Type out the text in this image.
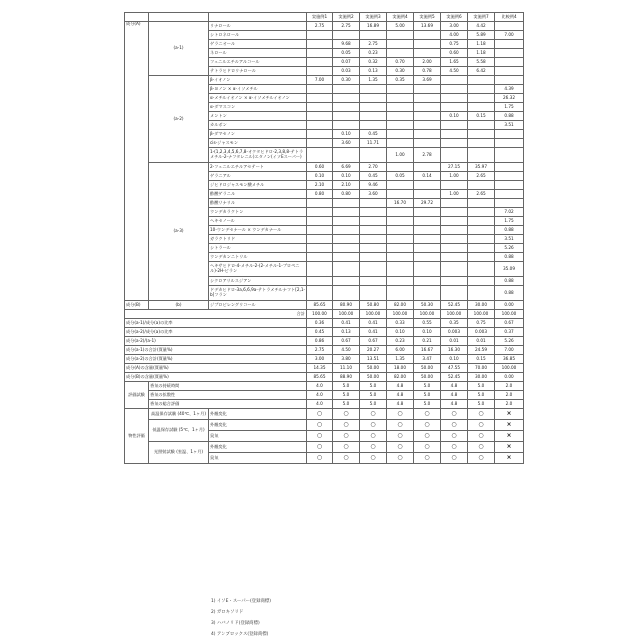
			実施例1	実施例2	実施例3	実施例4	実施例5	実施例6	実施例7	比較例4
成分(A)	(a-1)	リナロール	2.75	2.75	16.89	5.00	13.69	3.00	4.42	
シトロネロール						4.00	5.89	7.00
ゲラニオール		9.68	2.75			0.75	1.18	
ネロール		0.05	0.23			0.60	1.18	
フェニルエチルアルコール		0.07	0.32	0.70	2.00	1.65	5.58	
テトラヒドロリナロール		0.03	0.13	0.30	0.78	4.50	6.42	
(a-2)	β-イオノン	7.00	0.30	1.35	0.35	3.69			
β-ヨノン × α-イソメチル								4.39
α-メチルイオノン × α-イソメチルイオノン								26.32
α-ダマスコン								1.75
メントン						0.10	0.15	0.88
カルボン								3.51
β-ダマセノン		0.10	0.45					
cis-ジャスモン		3.60	11.71					
1-(1,2,3,4,5,6,7,8-オクタヒドロ-2,3,8,8-テトラメチル-2-ナフタレニル)エタノン(イソEスーパー)				1.00	2.78			
(a-3)	2-フェニルエチルアセテート	0.60	6.69	2.70			27.15	35.97	
ゲラニアル	0.10	0.10	0.45	0.05	0.14	1.00	2.65	
ジヒドロジャスモン酸メチル	2.10	2.10	9.46					
酢酸ゲラニル	0.80	0.80	3.60			1.00	2.65	
酢酸リナリル				16.70	29.72			
ウンデカラクトン								7.02
ヘキセノール								1.75
10-ウンデセナール × ウンデカナール								0.88
ガラクトリド								3.51
シトラール								5.26
ウンデカンニトリル								0.88
ヘキサヒドロ-4-メチル-2-(2-メチル-1-プロペニル)-2H-ピラン								35.09
シクロアリルスジアン								0.88
ドデカヒドロ-3a,6,6,9a-テトラメチルナフト[2,1-b]フラン								0.88
成分(B)	(b)	ジプロピレングリコール	85.65	80.90	50.80	82.00	50.30	52.45	30.00	0.00
合計	100.00	100.00	100.00	100.00	100.00	100.00	100.00	100.00
成分(a-1)/成分(a)の比率	0.36	0.41	0.41	0.33	0.55	0.35	0.75	0.67
成分(a-2)/成分(a)の比率	0.45	0.13	0.41	0.10	0.10	0.003	0.003	0.37
成分(a-2)/(a-1)	0.86	0.67	0.67	0.23	0.21	0.01	0.01	5.26
成分(a-1)の合計(質量%)	2.75	4.50	20.27	6.00	16.67	16.30	24.59	7.00
成分(a-2)の合計(質量%)	3.00	3.80	13.51	1.35	3.47	0.10	0.15	36.85
成分(A)の含量(質量%)	14.35	11.10	50.00	18.00	50.00	47.55	70.00	100.00
成分(B)の含量(質量%)	85.65	88.90	50.00	82.00	50.00	52.45	30.00	0.00
評価試験	香気の持続時間	4.0	5.0	5.0	4.8	5.0	4.8	5.0	2.0
香気の拡散性	4.0	5.0	5.0	4.8	5.0	4.8	5.0	2.0
香気の総合評価	4.0	5.0	5.0	4.8	5.0	4.8	5.0	2.0
物性評価	高温保存試験 (40℃、1ヶ月)	外観変化	○	○	○	○	○	○	○	×
低温保存試験 (5℃、1ヶ月)	外観変化	○	○	○	○	○	○	○	×
臭気	○	○	○	○	○	○	○	×
光照射試験 (室温、1ヶ月)	外観変化	○	○	○	○	○	○	○	×
臭気	○	○	○	○	○	○	○	×
1) イソE・スーパー(登録商標)
2) ガロキソリド
3) ハバノリド(登録商標)
4) アンブロックス(登録商標)
